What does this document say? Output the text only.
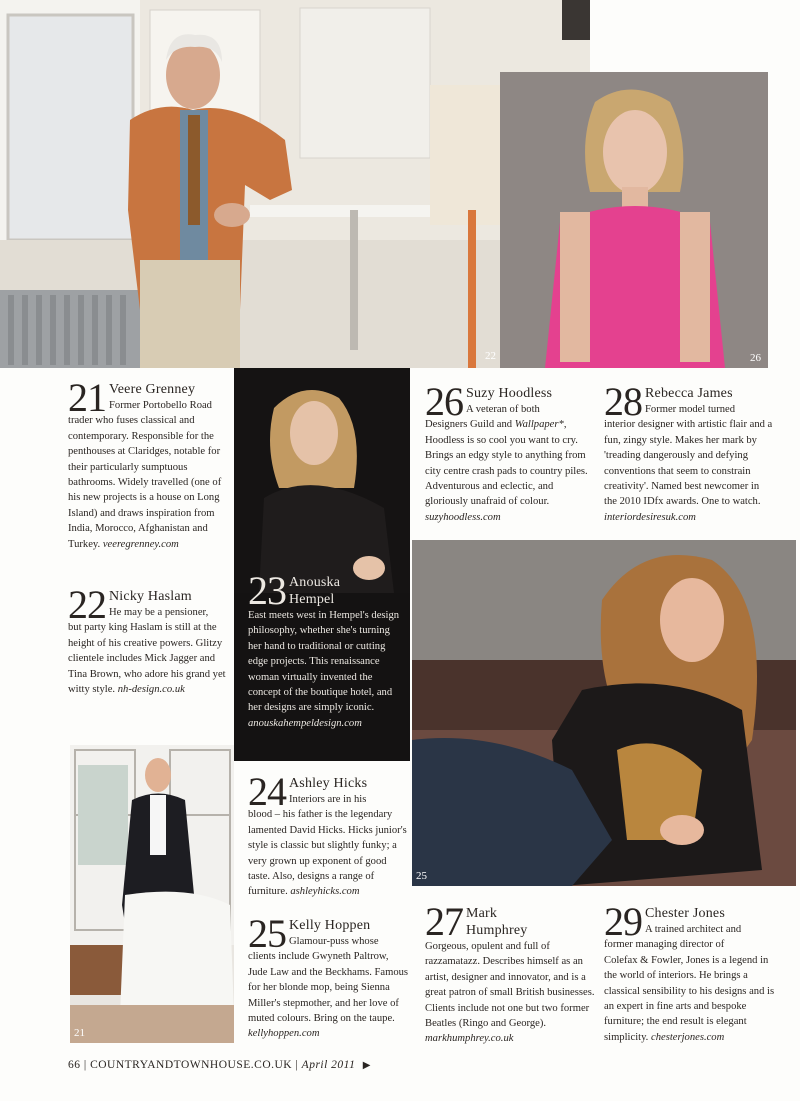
22	26
25
21
21 Veere Grenney

Former Portobello Road

trader who fuses classical and contemporary. Responsible for the penthouses at Claridges, notable for their particularly sumptuous bathrooms. Widely travelled (one of his new projects is a house on Long Island) and draws inspiration from India, Morocco, Afghanistan and Turkey. veeregrenney.com

22 Nicky Haslam

He may be a pensioner,

but party king Haslam is still at the height of his creative powers. Glitzy clientele includes Mick Jagger and Tina Brown, who adore his grand yet witty style. nh-design.co.uk

23 Anouska
Hempel

East meets west in Hempel's design philosophy, whether she's turning her hand to traditional or cutting edge projects. This renaissance woman virtually invented the concept of the boutique hotel, and her designs are simply iconic. anouskahempeldesign.com

24 Ashley Hicks

Interiors are in his

blood – his father is the legendary

lamented David Hicks. Hicks junior's style is classic but slightly funky; a very grown up exponent of good taste. Also, designs a range of furniture. ashleyhicks.com

25 Kelly Hoppen

Glamour-puss whose

clients include Gwyneth Paltrow,

Jude Law and the Beckhams. Famous for her blonde mop, being Sienna Miller's stepmother, and her love of muted colours. Bring on the taupe. kellyhoppen.com

26 Suzy Hoodless

A veteran of both

Designers Guild and Wallpaper*,

Hoodless is so cool you want to cry. Brings an edgy style to anything from city centre crash pads to country piles. Adventurous and eclectic, and gloriously unafraid of colour. suzyhoodless.com

28 Rebecca James

Former model turned

interior designer with artistic flair and a fun, zingy style. Makes her mark by 'treading dangerously and defying conventions that seem to constrain creativity'. Named best newcomer in the 2010 IDfx awards. One to watch. interiordesiresuk.com

27 Mark
Humphrey

Gorgeous, opulent and full of razzamatazz. Describes himself as an artist, designer and innovator, and is a great patron of small British businesses. Clients include not one but two former Beatles (Ringo and George). markhumphrey.co.uk

29 Chester Jones

A trained architect and

former managing director of

Colefax & Fowler, Jones is a legend in the world of interiors. He brings a classical sensibility to his designs and is an expert in fine arts and bespoke furniture; the end result is elegant simplicity. chesterjones.com

66 | COUNTRYANDTOWNHOUSE.CO.UK | April 2011 ▶
